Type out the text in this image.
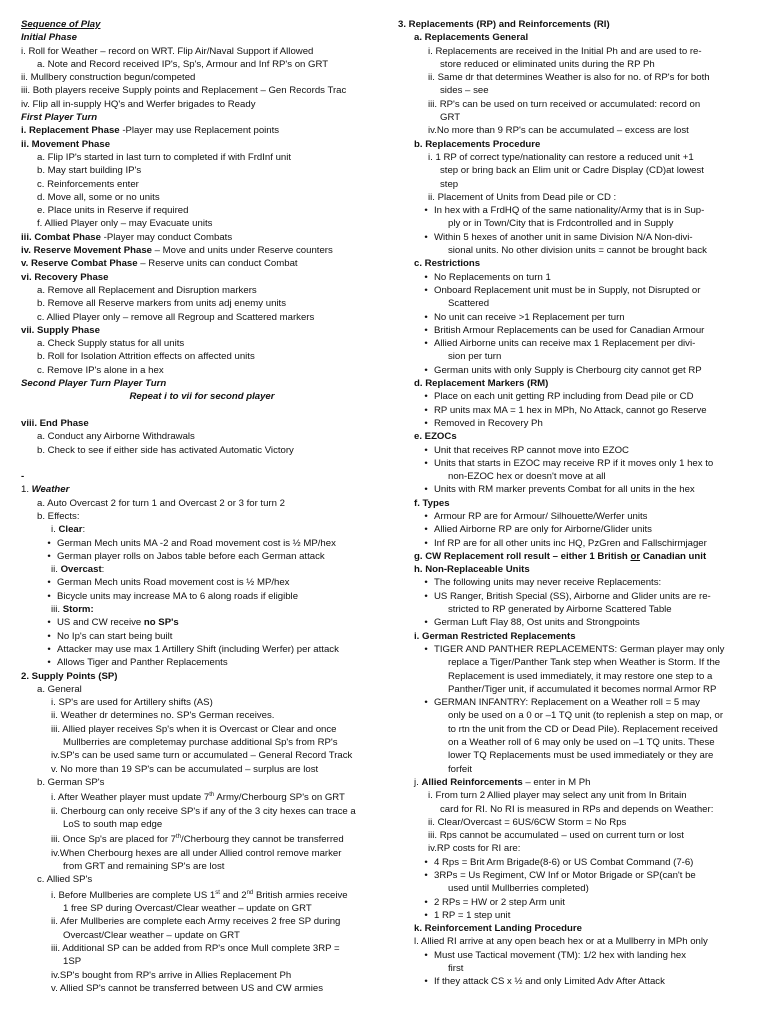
Sequence of Play
Initial Phase
i. Roll for Weather – record on WRT. Flip Air/Naval Support if Allowed
a. Note and Record received IP's, Sp's, Armour and Inf RP's on GRT
ii. Mullbery construction begun/competed
iii. Both players receive Supply points and Replacement – Gen Records Trac
iv. Flip all in-supply HQ's and Werfer brigades to Ready
First Player Turn
i. Replacement Phase -Player may use Replacement points
ii. Movement Phase
a. Flip IP's started in last turn to completed if with FrdInf unit
b. May start building IP's
c. Reinforcements enter
d. Move all, some or no units
e. Place units in Reserve if required
f. Allied Player only – may Evacuate units
iii. Combat Phase -Player may conduct Combats
iv. Reserve Movement Phase – Move and units under Reserve counters
v. Reserve Combat Phase – Reserve units can conduct Combat
vi. Recovery Phase
a. Remove all Replacement and Disruption markers
b. Remove all Reserve markers from units adj enemy units
c. Allied Player only – remove all Regroup and Scattered markers
vii. Supply Phase
a. Check Supply status for all units
b. Roll for Isolation Attrition effects on affected units
c. Remove IP's alone in a hex
Second Player Turn Player Turn
Repeat i to vii for second player

viii. End Phase
a. Conduct any Airborne Withdrawals
b. Check to see if either side has activated Automatic Victory

-
1. Weather
a. Auto Overcast 2 for turn 1 and Overcast 2 or 3 for turn 2
b. Effects:
i. Clear:
• German Mech units MA -2 and Road movement cost is ½ MP/hex
• German player rolls on Jabos table before each German attack
ii. Overcast:
• German Mech units Road movement cost is ½ MP/hex
• Bicycle units may increase MA to 6 along roads if eligible
iii. Storm:
• US and CW receive no SP's
• No Ip's can start being built
• Attacker may use max 1 Artillery Shift (including Werfer) per attack
• Allows Tiger and Panther Replacements
2. Supply Points (SP)
a. General
i. SP's are used for Artillery shifts (AS)
ii. Weather dr determines no. SP's German receives.
iii. Allied player receives Sp's when it is Overcast or Clear and once
Mullberries are completemay purchase additional Sp's from RP's
iv.SP's can be used same turn or accumulated – General Record Track
v. No more than 19 SP's can be accumulated – surplus are lost
b. German SP's
i. After Weather player must update 7th Army/Cherbourg SP's on GRT
ii. Cherbourg can only receive SP's if any of the 3 city hexes can trace a
LoS to south map edge
iii. Once Sp's are placed for 7th/Cherbourg they cannot be transferred
iv.When Cherbourg hexes are all under Allied control remove marker
from GRT and remaining SP's are lost
c. Allied SP's
i. Before Mullberies are complete US 1st and 2nd British armies receive
1 free SP during Overcast/Clear weather – update on GRT
ii. Afer Mullberies are complete each Army receives 2 free SP during
Overcast/Clear weather – update on GRT
iii. Additional SP can be added from RP's once Mull complete 3RP =
1SP
iv.SP's bought from RP's arrive in Allies Replacement Ph
v. Allied SP's cannot be transferred between US and CW armies
3. Replacements (RP) and Reinforcements (RI)
a. Replacements General
i. Replacements are received in the Initial Ph and are used to re-
store reduced or eliminated units during the RP Ph
ii. Same dr that determines Weather is also for no. of RP's for both
sides – see
iii. RP's can be used on turn received or accumulated: record on
GRT
iv.No more than 9 RP's can be accumulated – excess are lost
b. Replacements Procedure
i. 1 RP of correct type/nationality can restore a reduced unit +1
step or bring back an Elim unit or Cadre Display (CD)at lowest
step
ii. Placement of Units from Dead pile or CD :
• In hex with a FrdHQ of the same nationality/Army that is in Sup-
ply or in Town/City that is Frdcontrolled and in Supply
• Within 5 hexes of another unit in same Division N/A Non-divi-
sional units. No other division units = cannot be brought back
c. Restrictions
• No Replacements on turn 1
• Onboard Replacement unit must be in Supply, not Disrupted or
Scattered
• No unit can receive >1 Replacement per turn
• British Armour Replacements can be used for Canadian Armour
• Allied Airborne units can receive max 1 Replacement per divi-
sion per turn
• German units with only Supply is Cherbourg city cannot get RP
d. Replacement Markers (RM)
• Place on each unit getting RP including from Dead pile or CD
• RP units max MA = 1 hex in MPh, No Attack, cannot go Reserve
• Removed in Recovery Ph
e. EZOCs
• Unit that receives RP cannot move into EZOC
• Units that starts in EZOC may receive RP if it moves only 1 hex to
non-EZOC hex or doesn't move at all
• Units with RM marker prevents Combat for all units in the hex
f. Types
• Armour RP are for Armour/ Silhouette/Werfer units
• Allied Airborne RP are only for Airborne/Glider units
• Inf RP are for all other units inc HQ, PzGren and Fallschirmjager
g. CW Replacement roll result – either 1 British or Canadian unit
h. Non-Replaceable Units
• The following units may never receive Replacements:
• US Ranger, British Special (SS), Airborne and Glider units are re-
stricted to RP generated by Airborne Scattered Table
• German Luft Flay 88, Ost units and Strongpoints
i. German Restricted Replacements
• TIGER AND PANTHER REPLACEMENTS: German player may only
replace a Tiger/Panther Tank step when Weather is Storm. If the
Replacement is used immediately, it may restore one step to a
Panther/Tiger unit, if accumulated it becomes normal Armor RP
• GERMAN INFANTRY: Replacement on a Weather roll = 5 may
only be used on a 0 or –1 TQ unit (to replenish a step on map, or
to rtn the unit from the CD or Dead Pile). Replacement received
on a Weather roll of 6 may only be used on –1 TQ units. These
lower TQ Replacements must be used immediately or they are
forfeit
j. Allied Reinforcements – enter in M Ph
i. From turn 2 Allied player may select any unit from In Britain
card for RI. No RI is measured in RPs and depends on Weather:
ii. Clear/Overcast = 6US/6CW Storm = No Rps
iii. Rps cannot be accumulated – used on current turn or lost
iv.RP costs for RI are:
• 4 Rps = Brit Arm Brigade(8-6) or US Combat Command (7-6)
• 3RPs = Us Regiment, CW Inf or Motor Brigade or SP(can't be
used until Mullberries completed)
• 2 RPs = HW or 2 step Arm unit
• 1 RP = 1 step unit
k. Reinforcement Landing Procedure
l. Allied RI arrive at any open beach hex or at a Mullberry in MPh only
• Must use Tactical movement (TM): 1/2 hex with landing hex
first
• If they attack CS x ½ and only Limited Adv After Attack
